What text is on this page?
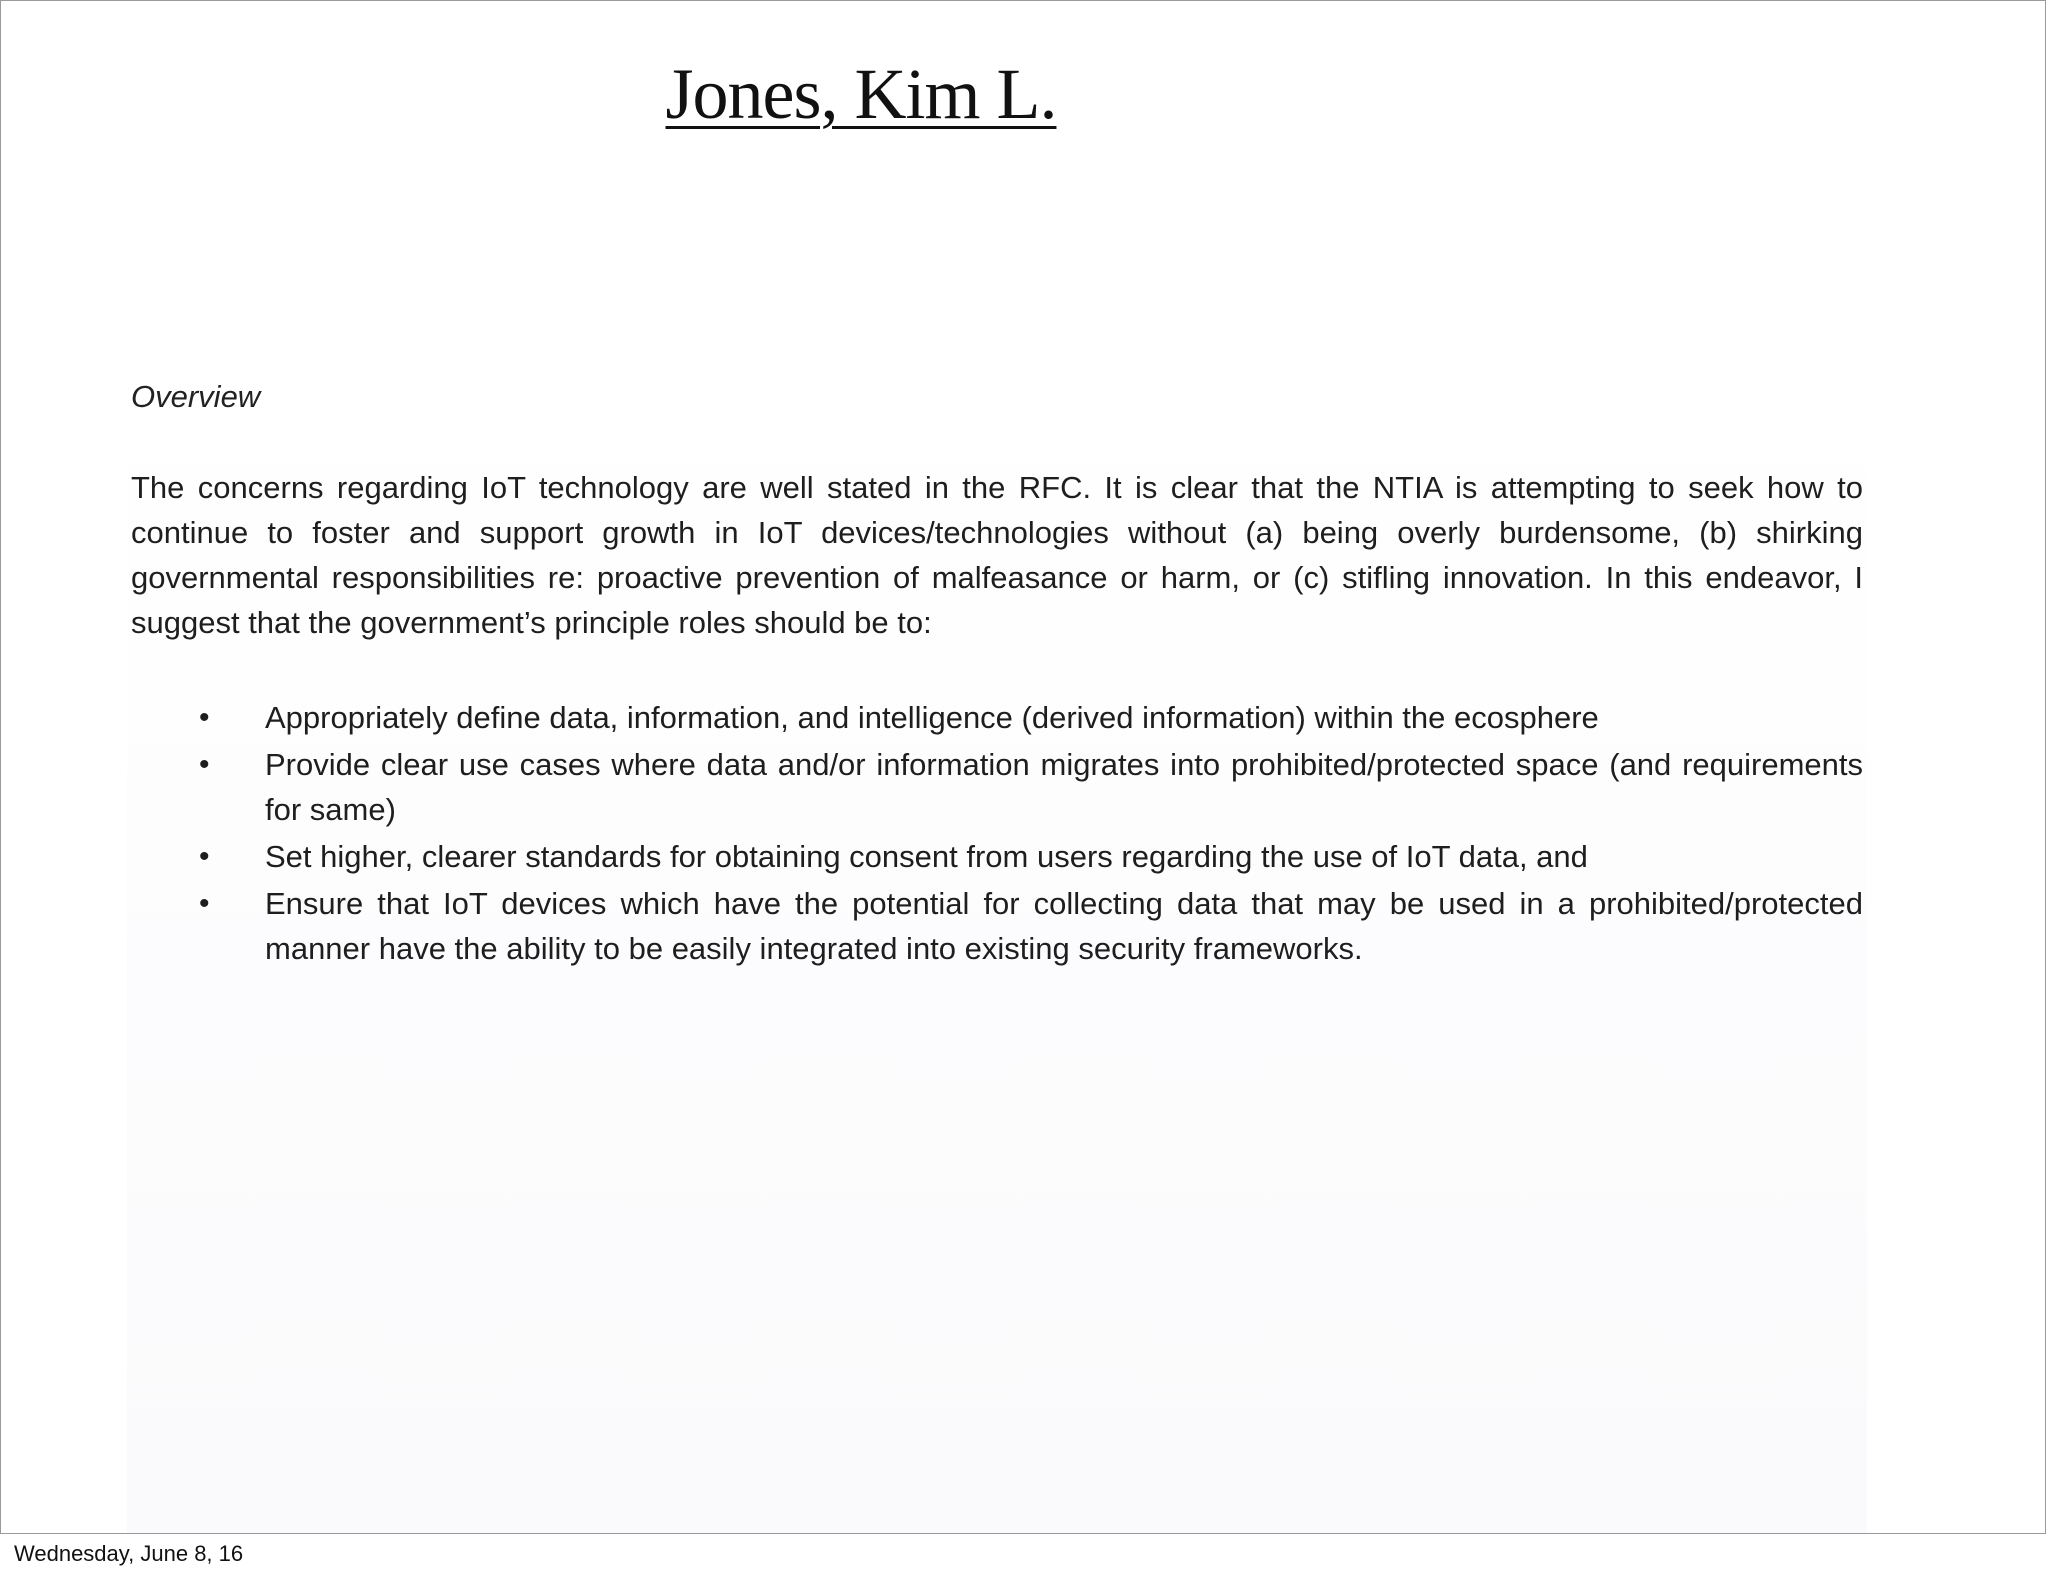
Jones, Kim L.
Overview

The concerns regarding IoT technology are well stated in the RFC. It is clear that the NTIA is attempting to seek how to continue to foster and support growth in IoT devices/technologies without (a) being overly burdensome, (b) shirking governmental responsibilities re: proactive prevention of malfeasance or harm, or (c) stifling innovation. In this endeavor, I suggest that the government’s principle roles should be to:

• Appropriately define data, information, and intelligence (derived information) within the ecosphere
• Provide clear use cases where data and/or information migrates into prohibited/protected space (and requirements for same)
• Set higher, clearer standards for obtaining consent from users regarding the use of IoT data, and
• Ensure that IoT devices which have the potential for collecting data that may be used in a prohibited/protected manner have the ability to be easily integrated into existing security frameworks.
Wednesday, June 8, 16
